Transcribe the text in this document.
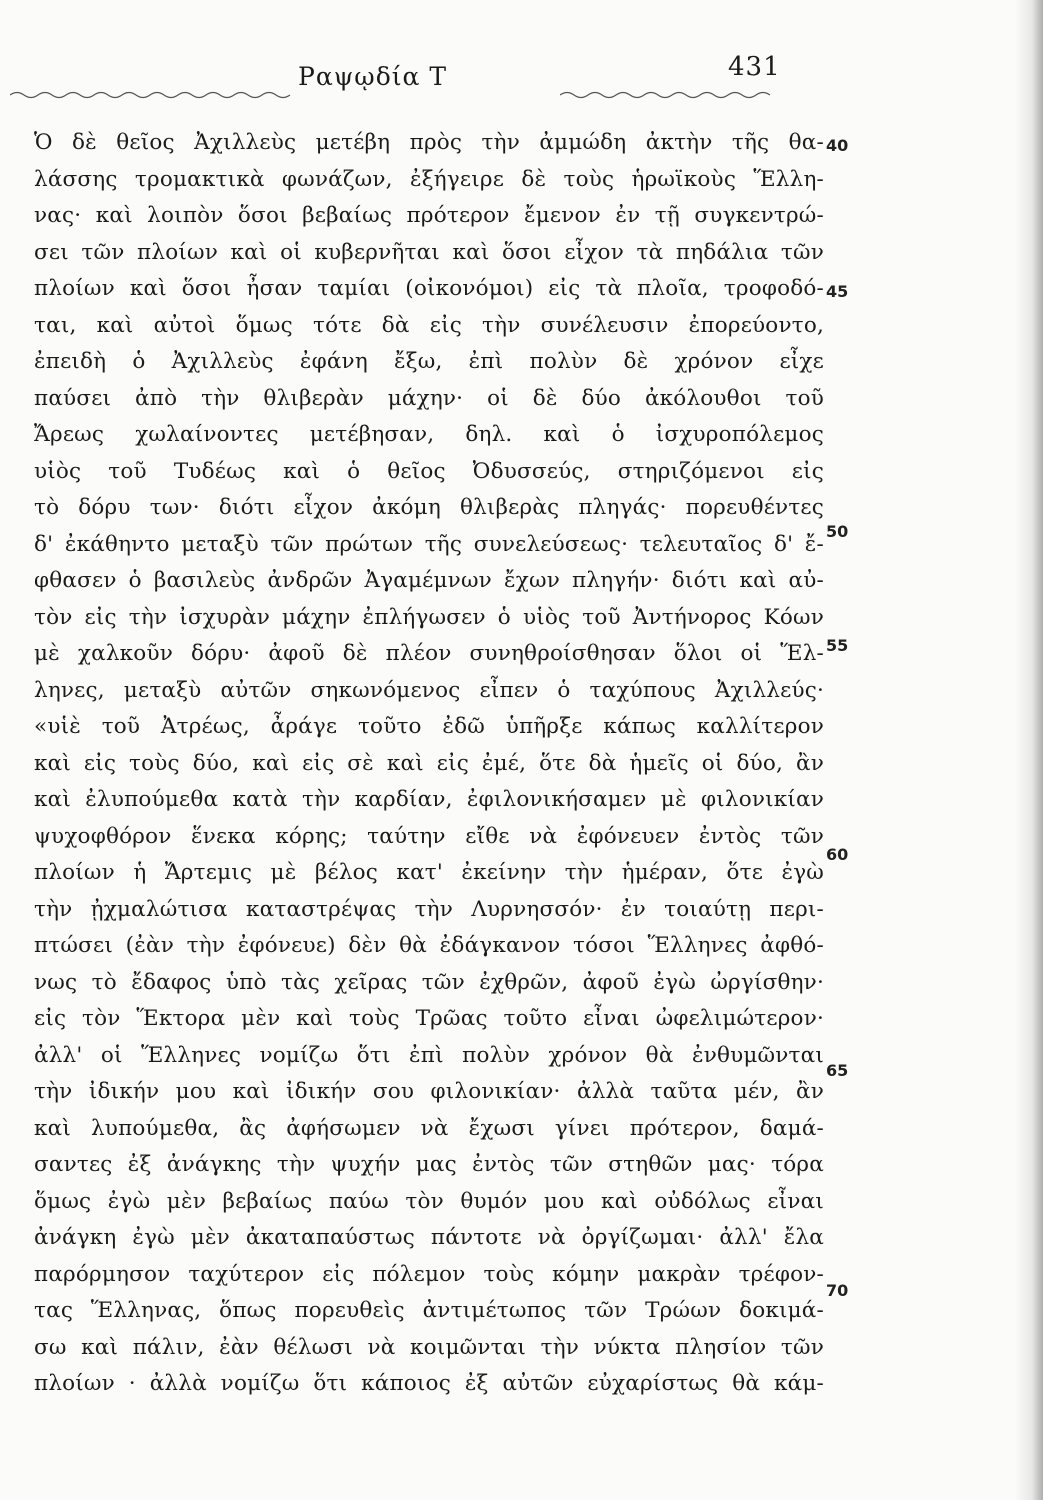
Ραψῳδία Τ	431
Ὁ δὲ θεῖος Ἀχιλλεὺς μετέβη πρὸς τὴν ἀμμώδη ἀκτὴν τῆς θα-
λάσσης τρομακτικὰ φωνάζων, ἐξήγειρε δὲ τοὺς ἡρωϊκοὺς Ἕλλη-
νας· καὶ λοιπὸν ὅσοι βεβαίως πρότερον ἔμενον ἐν τῇ συγκεντρώ-
σει τῶν πλοίων καὶ οἱ κυβερνῆται καὶ ὅσοι εἶχον τὰ πηδάλια τῶν
πλοίων καὶ ὅσοι ἦσαν ταμίαι (οἰκονόμοι) εἰς τὰ πλοῖα, τροφοδό-
ται, καὶ αὐτοὶ ὅμως τότε δὰ εἰς τὴν συνέλευσιν ἐπορεύοντο,
ἐπειδὴ ὁ Ἀχιλλεὺς ἐφάνη ἔξω, ἐπὶ πολὺν δὲ χρόνον εἶχε
παύσει ἀπὸ τὴν θλιβερὰν μάχην· οἱ δὲ δύο ἀκόλουθοι τοῦ
Ἄρεως χωλαίνοντες μετέβησαν, δηλ. καὶ ὁ ἰσχυροπόλεμος
υἱὸς τοῦ Τυδέως καὶ ὁ θεῖος Ὀδυσσεύς, στηριζόμενοι εἰς
τὸ δόρυ των· διότι εἶχον ἀκόμη θλιβερὰς πληγάς· πορευθέντες
δ' ἐκάθηντο μεταξὺ τῶν πρώτων τῆς συνελεύσεως· τελευταῖος δ' ἔ-
φθασεν ὁ βασιλεὺς ἀνδρῶν Ἀγαμέμνων ἔχων πληγήν· διότι καὶ αὐ-
τὸν εἰς τὴν ἰσχυρὰν μάχην ἐπλήγωσεν ὁ υἱὸς τοῦ Ἀντήνορος Κόων
μὲ χαλκοῦν δόρυ· ἀφοῦ δὲ πλέον συνηθροίσθησαν ὅλοι οἱ Ἕλ-
ληνες, μεταξὺ αὐτῶν σηκωνόμενος εἶπεν ὁ ταχύπους Ἀχιλλεύς·
«υἱὲ τοῦ Ἀτρέως, ἆράγε τοῦτο ἐδῶ ὑπῆρξε κάπως καλλίτερον
καὶ εἰς τοὺς δύο, καὶ εἰς σὲ καὶ εἰς ἐμέ, ὅτε δὰ ἡμεῖς οἱ δύο, ἂν
καὶ ἐλυπούμεθα κατὰ τὴν καρδίαν, ἐφιλονικήσαμεν μὲ φιλονικίαν
ψυχοφθόρον ἕνεκα κόρης; ταύτην εἴθε νὰ ἐφόνευεν ἐντὸς τῶν
πλοίων ἡ Ἄρτεμις μὲ βέλος κατ' ἐκείνην τὴν ἡμέραν, ὅτε ἐγὼ
τὴν ᾐχμαλώτισα καταστρέψας τὴν Λυρνησσόν· ἐν τοιαύτῃ περι-
πτώσει (ἐὰν τὴν ἐφόνευε) δὲν θὰ ἐδάγκανον τόσοι Ἕλληνες ἀφθό-
νως τὸ ἔδαφος ὑπὸ τὰς χεῖρας τῶν ἐχθρῶν, ἀφοῦ ἐγὼ ὠργίσθην·
εἰς τὸν Ἕκτορα μὲν καὶ τοὺς Τρῶας τοῦτο εἶναι ὠφελιμώτερον·
ἀλλ' οἱ Ἕλληνες νομίζω ὅτι ἐπὶ πολὺν χρόνον θὰ ἐνθυμῶνται
τὴν ἰδικήν μου καὶ ἰδικήν σου φιλονικίαν· ἀλλὰ ταῦτα μέν, ἂν
καὶ λυπούμεθα, ἂς ἀφήσωμεν νὰ ἔχωσι γίνει πρότερον, δαμά-
σαντες ἐξ ἀνάγκης τὴν ψυχήν μας ἐντὸς τῶν στηθῶν μας· τόρα
ὅμως ἐγὼ μὲν βεβαίως παύω τὸν θυμόν μου καὶ οὐδόλως εἶναι
ἀνάγκη ἐγὼ μὲν ἀκαταπαύστως πάντοτε νὰ ὀργίζωμαι· ἀλλ' ἔλα
παρόρμησον ταχύτερον εἰς πόλεμον τοὺς κόμην μακρὰν τρέφον-
τας Ἕλληνας, ὅπως πορευθεὶς ἀντιμέτωπος τῶν Τρώων δοκιμά-
σω καὶ πάλιν, ἐὰν θέλωσι νὰ κοιμῶνται τὴν νύκτα πλησίον τῶν
πλοίων · ἀλλὰ νομίζω ὅτι κάποιος ἐξ αὐτῶν εὐχαρίστως θὰ κάμ-
40
45
50
55
60
65
70
